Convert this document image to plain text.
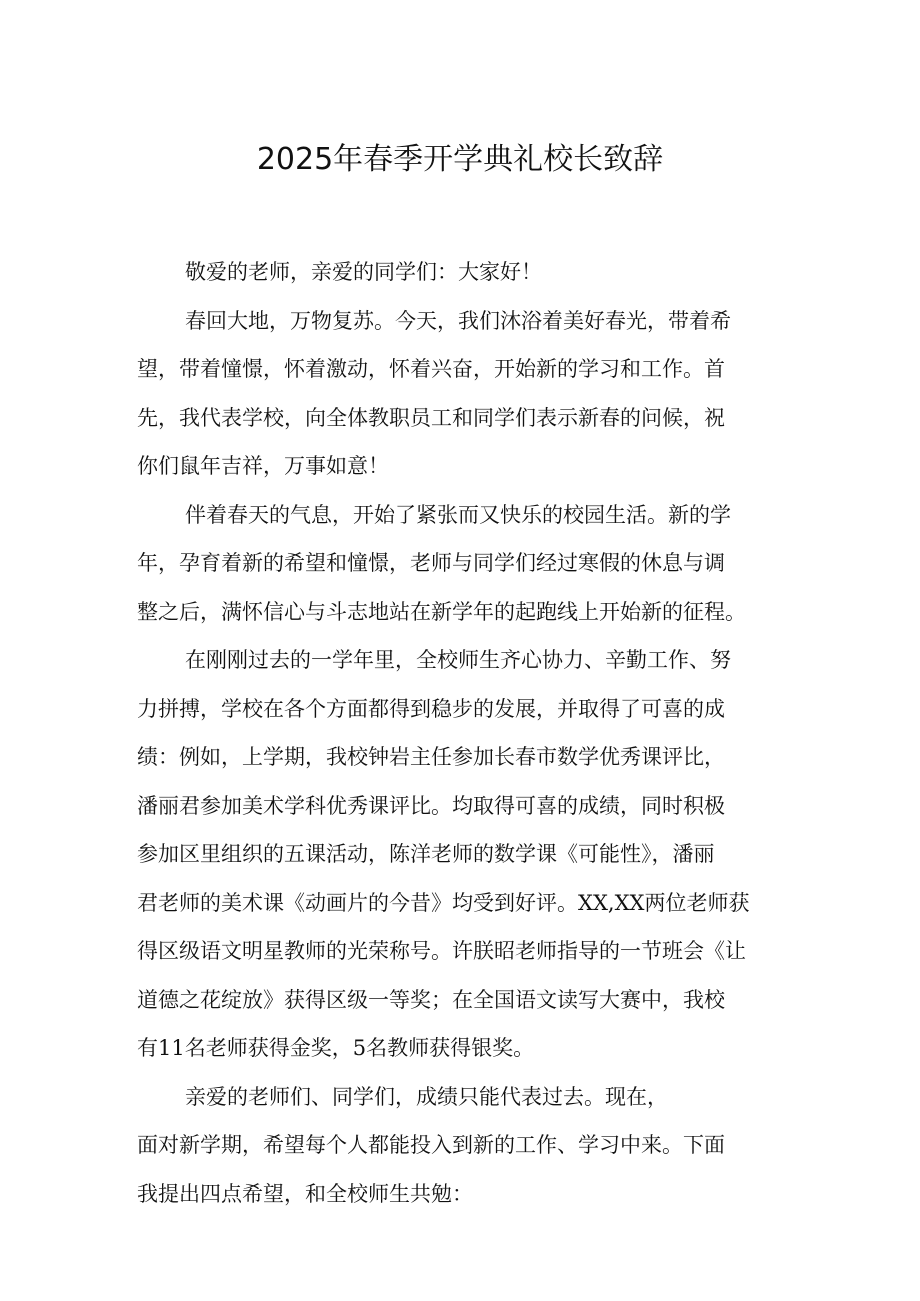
2025年春季开学典礼校长致辞
敬爱的老师，亲爱的同学们：大家好！
春回大地，万物复苏。今天，我们沐浴着美好春光，带着希
望，带着憧憬，怀着激动，怀着兴奋，开始新的学习和工作。首
先，我代表学校，向全体教职员工和同学们表示新春的问候，祝
你们鼠年吉祥，万事如意！
伴着春天的气息，开始了紧张而又快乐的校园生活。新的学
年，孕育着新的希望和憧憬，老师与同学们经过寒假的休息与调
整之后，满怀信心与斗志地站在新学年的起跑线上开始新的征程。
在刚刚过去的一学年里，全校师生齐心协力、辛勤工作、努
力拼搏，学校在各个方面都得到稳步的发展，并取得了可喜的成
绩：例如，上学期，我校钟岩主任参加长春市数学优秀课评比，
潘丽君参加美术学科优秀课评比。均取得可喜的成绩，同时积极
参加区里组织的五课活动，陈洋老师的数学课《可能性》，潘丽
君老师的美术课《动画片的今昔》均受到好评。XX,XX两位老师获
得区级语文明星教师的光荣称号。许朕昭老师指导的一节班会《让
道德之花绽放》获得区级一等奖；在全国语文读写大赛中，我校
有11名老师获得金奖，5名教师获得银奖。
亲爱的老师们、同学们，成绩只能代表过去。现在，
面对新学期，希望每个人都能投入到新的工作、学习中来。下面
我提出四点希望，和全校师生共勉：
